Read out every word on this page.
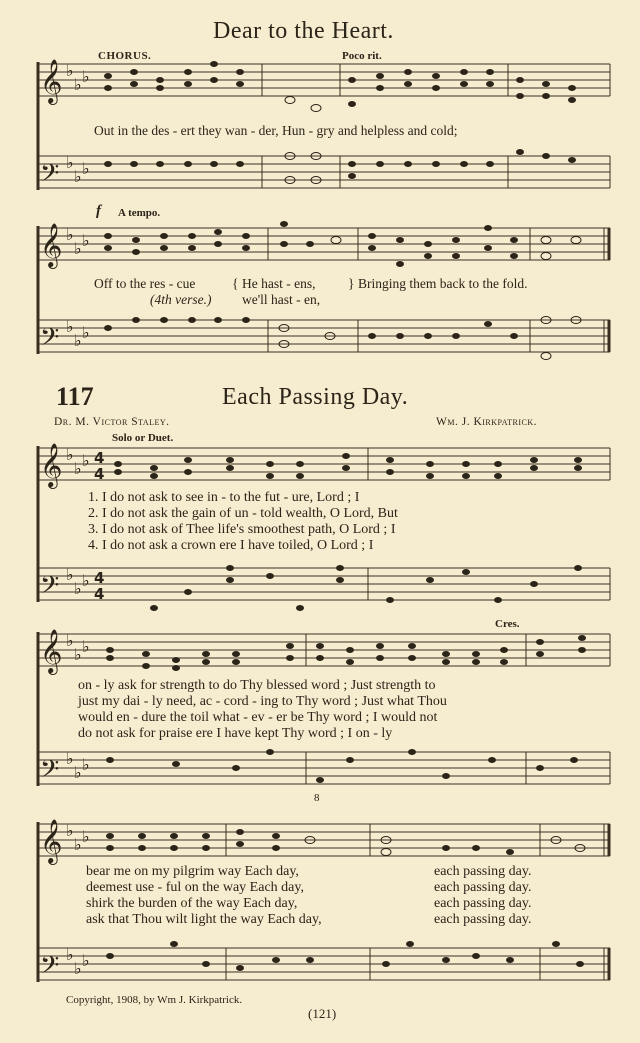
𝄞
𝄢
𝄞
𝄢
𝄞
𝄢
𝄞
𝄢
𝄞
𝄢
♭
♭ ♭
♭
♭ ♭
♭
♭ ♭
♭
♭ ♭
♭
♭ ♭
♭
♭ ♭
♭
♭ ♭
♭
♭ ♭
♭
♭ ♭
♭
♭ ♭
4
4
4
4
Dear to the Heart.
CHORUS.	Poco rit.
Out in the des - ert they wan - der, Hun - gry and helpless and cold;
f A tempo.
Off to the res - cue	{ He hast - ens, } Bringing them back to the fold.
(4th verse.) we'll hast - en,
117	Each Passing Day.
Dr. M. Victor Staley.	Wm. J. Kirkpatrick.
Solo or Duet.
1. I do not ask to see in - to the fut - ure, Lord ; I
2. I do not ask the gain of un - told wealth, O Lord, But
3. I do not ask of Thee life's smoothest path, O Lord ; I
4. I do not ask a crown ere I have toiled, O Lord ; I
Cres.
on - ly ask for strength to do Thy blessed word ; Just strength to
just my dai - ly need, ac - cord - ing to Thy word ; Just what Thou
would en - dure the toil what - ev - er be Thy word ; I would not
do not ask for praise ere I have kept Thy word ; I on - ly
8
bear me on my pilgrim way Each day,
deemest use - ful on the way Each day,
shirk the burden of the way Each day,
ask that Thou wilt light the way Each day,
each passing day.
each passing day.
each passing day.
each passing day.
Copyright, 1908, by Wm J. Kirkpatrick.
(121)
